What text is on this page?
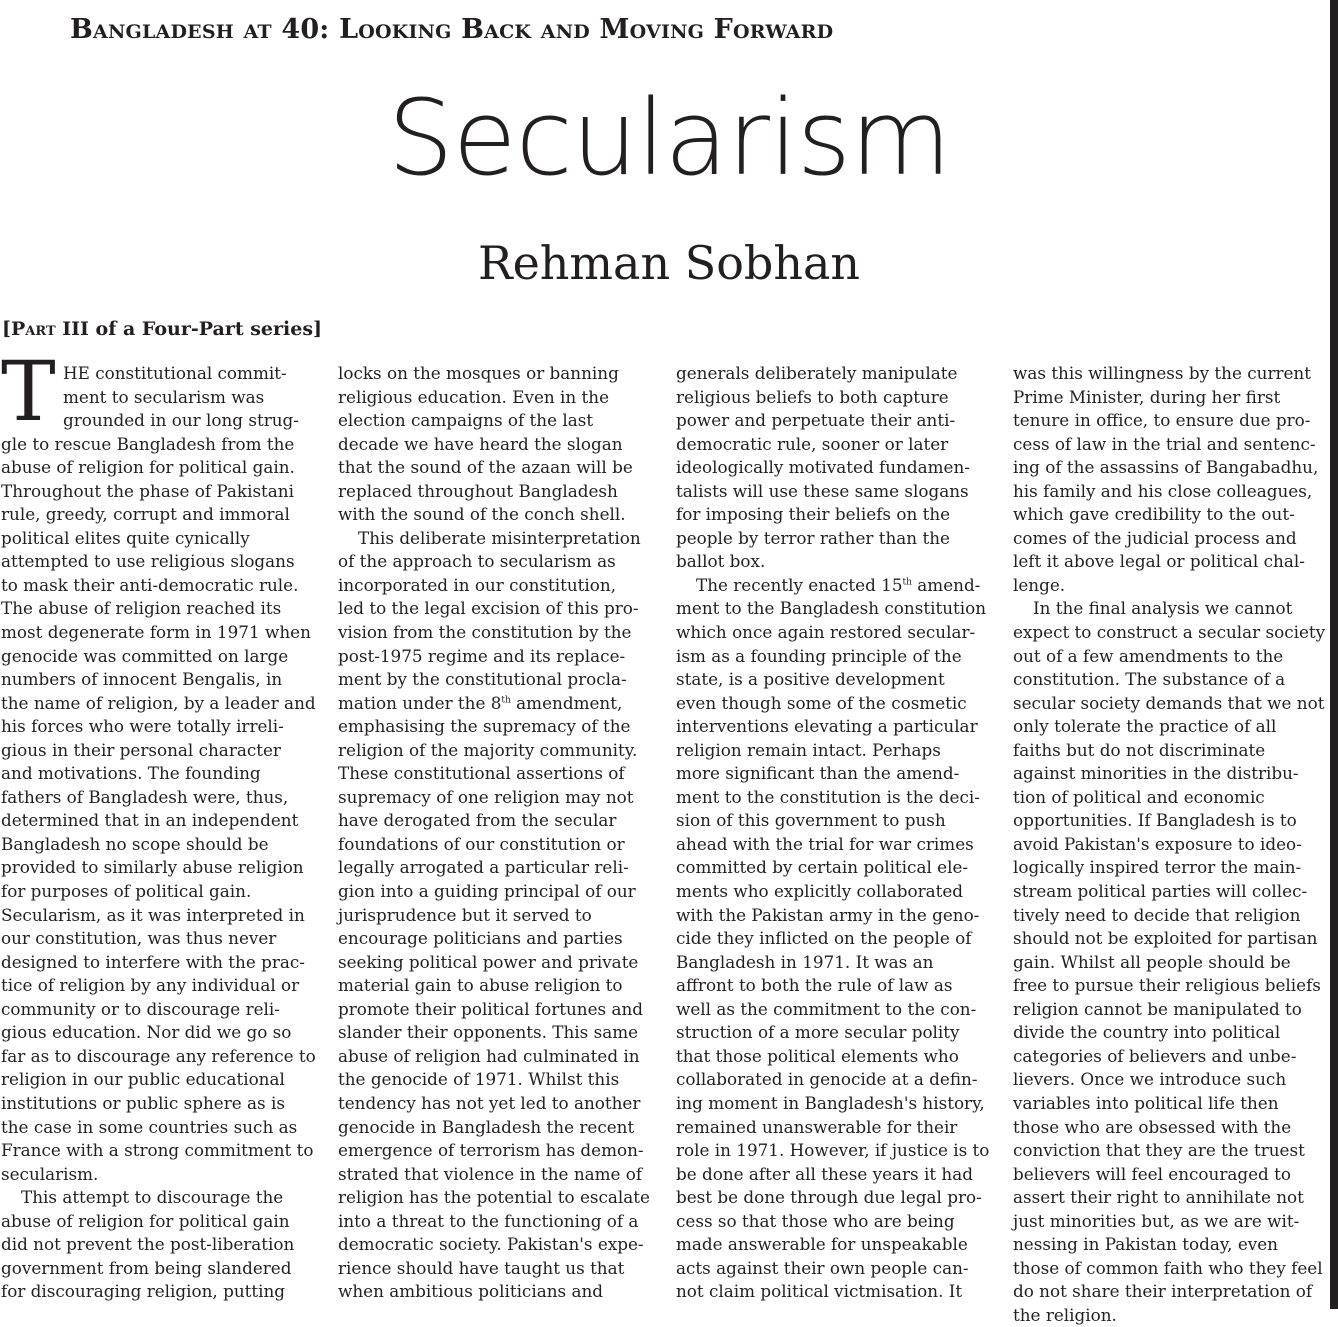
Bangladesh at 40: Looking Back and Moving Forward
Secularism
Rehman Sobhan
[Part III of a Four-Part series]
T HE constitutional commit-
ment to secularism was
grounded in our long strug-
gle to rescue Bangladesh from the
abuse of religion for political gain.
Throughout the phase of Pakistani
rule, greedy, corrupt and immoral
political elites quite cynically
attempted to use religious slogans
to mask their anti-democratic rule.
The abuse of religion reached its
most degenerate form in 1971 when
genocide was committed on large
numbers of innocent Bengalis, in
the name of religion, by a leader and
his forces who were totally irreli-
gious in their personal character
and motivations. The founding
fathers of Bangladesh were, thus,
determined that in an independent
Bangladesh no scope should be
provided to similarly abuse religion
for purposes of political gain.
Secularism, as it was interpreted in
our constitution, was thus never
designed to interfere with the prac-
tice of religion by any individual or
community or to discourage reli-
gious education. Nor did we go so
far as to discourage any reference to
religion in our public educational
institutions or public sphere as is
the case in some countries such as
France with a strong commitment to
secularism.
This attempt to discourage the
abuse of religion for political gain
did not prevent the post-liberation
government from being slandered
for discouraging religion, putting
locks on the mosques or banning
religious education. Even in the
election campaigns of the last
decade we have heard the slogan
that the sound of the azaan will be
replaced throughout Bangladesh
with the sound of the conch shell.
This deliberate misinterpretation
of the approach to secularism as
incorporated in our constitution,
led to the legal excision of this pro-
vision from the constitution by the
post-1975 regime and its replace-
ment by the constitutional procla-
mation under the 8th amendment,
emphasising the supremacy of the
religion of the majority community.
These constitutional assertions of
supremacy of one religion may not
have derogated from the secular
foundations of our constitution or
legally arrogated a particular reli-
gion into a guiding principal of our
jurisprudence but it served to
encourage politicians and parties
seeking political power and private
material gain to abuse religion to
promote their political fortunes and
slander their opponents. This same
abuse of religion had culminated in
the genocide of 1971. Whilst this
tendency has not yet led to another
genocide in Bangladesh the recent
emergence of terrorism has demon-
strated that violence in the name of
religion has the potential to escalate
into a threat to the functioning of a
democratic society. Pakistan's expe-
rience should have taught us that
when ambitious politicians and
generals deliberately manipulate
religious beliefs to both capture
power and perpetuate their anti-
democratic rule, sooner or later
ideologically motivated fundamen-
talists will use these same slogans
for imposing their beliefs on the
people by terror rather than the
ballot box.
The recently enacted 15th amend-
ment to the Bangladesh constitution
which once again restored secular-
ism as a founding principle of the
state, is a positive development
even though some of the cosmetic
interventions elevating a particular
religion remain intact. Perhaps
more significant than the amend-
ment to the constitution is the deci-
sion of this government to push
ahead with the trial for war crimes
committed by certain political ele-
ments who explicitly collaborated
with the Pakistan army in the geno-
cide they inflicted on the people of
Bangladesh in 1971. It was an
affront to both the rule of law as
well as the commitment to the con-
struction of a more secular polity
that those political elements who
collaborated in genocide at a defin-
ing moment in Bangladesh's history,
remained unanswerable for their
role in 1971. However, if justice is to
be done after all these years it had
best be done through due legal pro-
cess so that those who are being
made answerable for unspeakable
acts against their own people can-
not claim political victmisation. It
was this willingness by the current
Prime Minister, during her first
tenure in office, to ensure due pro-
cess of law in the trial and sentenc-
ing of the assassins of Bangabadhu,
his family and his close colleagues,
which gave credibility to the out-
comes of the judicial process and
left it above legal or political chal-
lenge.
In the final analysis we cannot
expect to construct a secular society
out of a few amendments to the
constitution. The substance of a
secular society demands that we not
only tolerate the practice of all
faiths but do not discriminate
against minorities in the distribu-
tion of political and economic
opportunities. If Bangladesh is to
avoid Pakistan's exposure to ideo-
logically inspired terror the main-
stream political parties will collec-
tively need to decide that religion
should not be exploited for partisan
gain. Whilst all people should be
free to pursue their religious beliefs
religion cannot be manipulated to
divide the country into political
categories of believers and unbe-
lievers. Once we introduce such
variables into political life then
those who are obsessed with the
conviction that they are the truest
believers will feel encouraged to
assert their right to annihilate not
just minorities but, as we are wit-
nessing in Pakistan today, even
those of common faith who they feel
do not share their interpretation of
the religion.
